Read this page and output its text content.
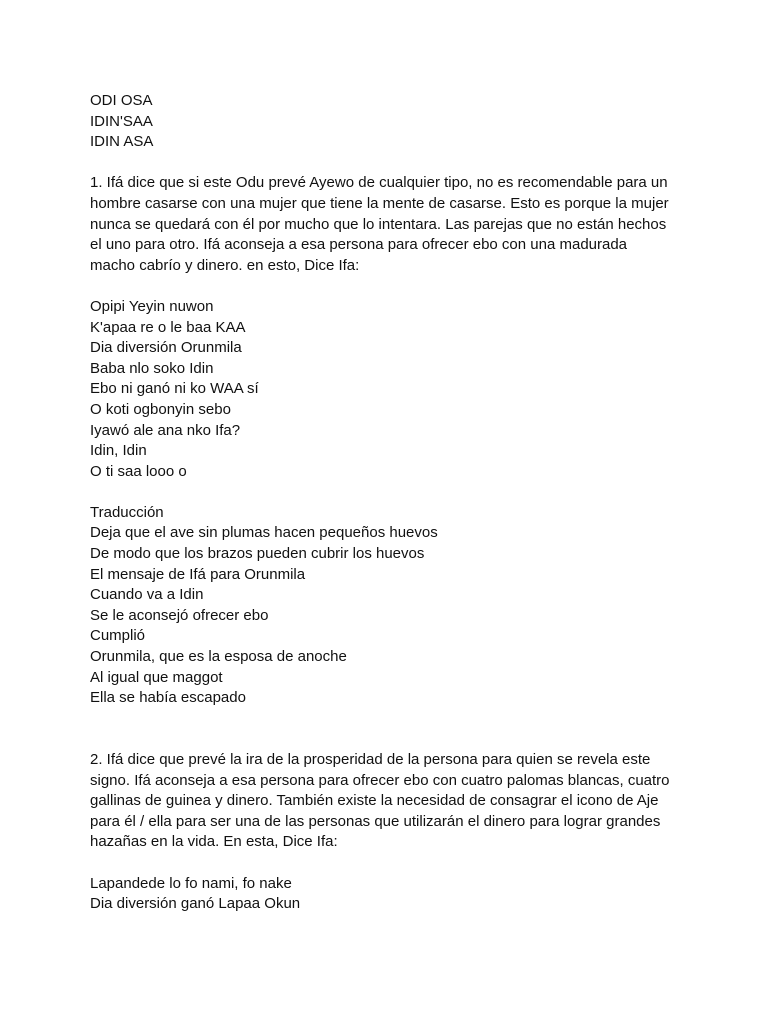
ODI OSA
IDIN'SAA
IDIN ASA
1. Ifá dice que si este Odu prevé Ayewo de cualquier tipo, no es recomendable para un
hombre casarse con una mujer que tiene la mente de casarse. Esto es porque la mujer
nunca se quedará con él por mucho que lo intentara. Las parejas que no están hechos
el uno para otro. Ifá aconseja a esa persona para ofrecer ebo con una madurada
macho cabrío y dinero. en esto, Dice Ifa:
Opipi Yeyin nuwon
K'apaa re o le baa KAA
Dia diversión Orunmila
Baba nlo soko Idin
Ebo ni ganó ni ko WAA sí
O koti ogbonyin sebo
Iyawó ale ana nko Ifa?
Idin, Idin
O ti saa looo o
Traducción
Deja que el ave sin plumas hacen pequeños huevos
De modo que los brazos pueden cubrir los huevos
El mensaje de Ifá para Orunmila
Cuando va a Idin
Se le aconsejó ofrecer ebo
Cumplió
Orunmila, que es la esposa de anoche
Al igual que maggot
Ella se había escapado
2. Ifá dice que prevé la ira de la prosperidad de la persona para quien se revela este
signo. Ifá aconseja a esa persona para ofrecer ebo con cuatro palomas blancas, cuatro
gallinas de guinea y dinero. También existe la necesidad de consagrar el icono de Aje
para él / ella para ser una de las personas que utilizarán el dinero para lograr grandes
hazañas en la vida. En esta, Dice Ifa:
Lapandede lo fo nami, fo nake
Dia diversión ganó Lapaa Okun
